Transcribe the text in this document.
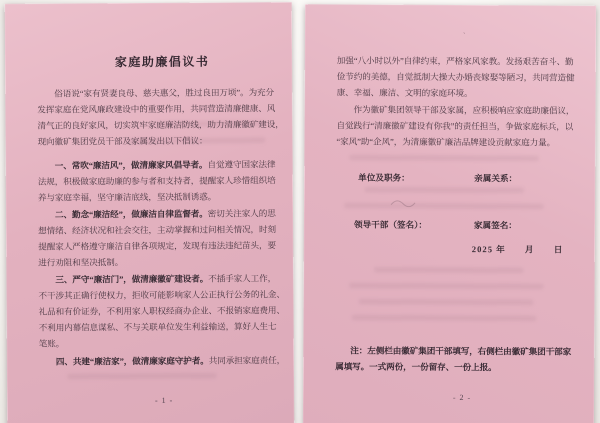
家庭助廉倡议书
俗语说“家有贤妻良母、慈夫惠父，胜过良田万顷”。为充分
发挥家庭在党风廉政建设中的重要作用，共同营造清廉健康、风
清气正的良好家风，切实筑牢家庭廉洁防线，助力清廉徽矿建设，
现向徽矿集团党员干部及家属发出以下倡议：
一、常吹“廉洁风”，做清廉家风倡导者。自觉遵守国家法律
法规，积极做家庭助廉的参与者和支持者，提醒家人珍惜组织培
养与家庭幸福，坚守廉洁底线，坚决抵制诱惑。
二、勤念“廉洁经”，做廉洁自律监督者。密切关注家人的思
想情绪、经济状况和社会交往，主动掌握和过问相关情况，时刻
提醒家人严格遵守廉洁自律各项规定，发现有违法违纪苗头，要
进行劝阻和坚决抵制。
三、严守“廉洁门”，做清廉徽矿建设者。不插手家人工作，
不干涉其正确行使权力，拒收可能影响家人公正执行公务的礼金、
礼品和有价证券，不利用家人职权经商办企业、不报销家庭费用、
不利用内幕信息谋私、不与关联单位发生利益输送，算好人生七
笔账。
四、共建“廉洁家”，做清廉家庭守护者。共同承担家庭责任，
- 1 -
加强“八小时以外”自律约束，严格家风家教。发扬艰苦奋斗、勤
俭节约的美德，自觉抵制大操大办婚丧嫁娶等陋习，共同营造健
康、幸福、廉洁、文明的家庭环境。
作为徽矿集团领导干部及家属，应积极响应家庭助廉倡议，
自觉践行“清廉徽矿建设有你我”的责任担当，争做家庭标兵，以
“家风”助“企风”，为清廉徽矿廉洁品牌建设贡献家庭力量。
单位及职务：	亲属关系：
领导干部（签名）：	家属签名：
2025 年　　月　　日
注：左侧栏由徽矿集团干部填写，右侧栏由徽矿集团干部家
属填写。一式两份，一份留存、一份上报。
- 2 -
`
